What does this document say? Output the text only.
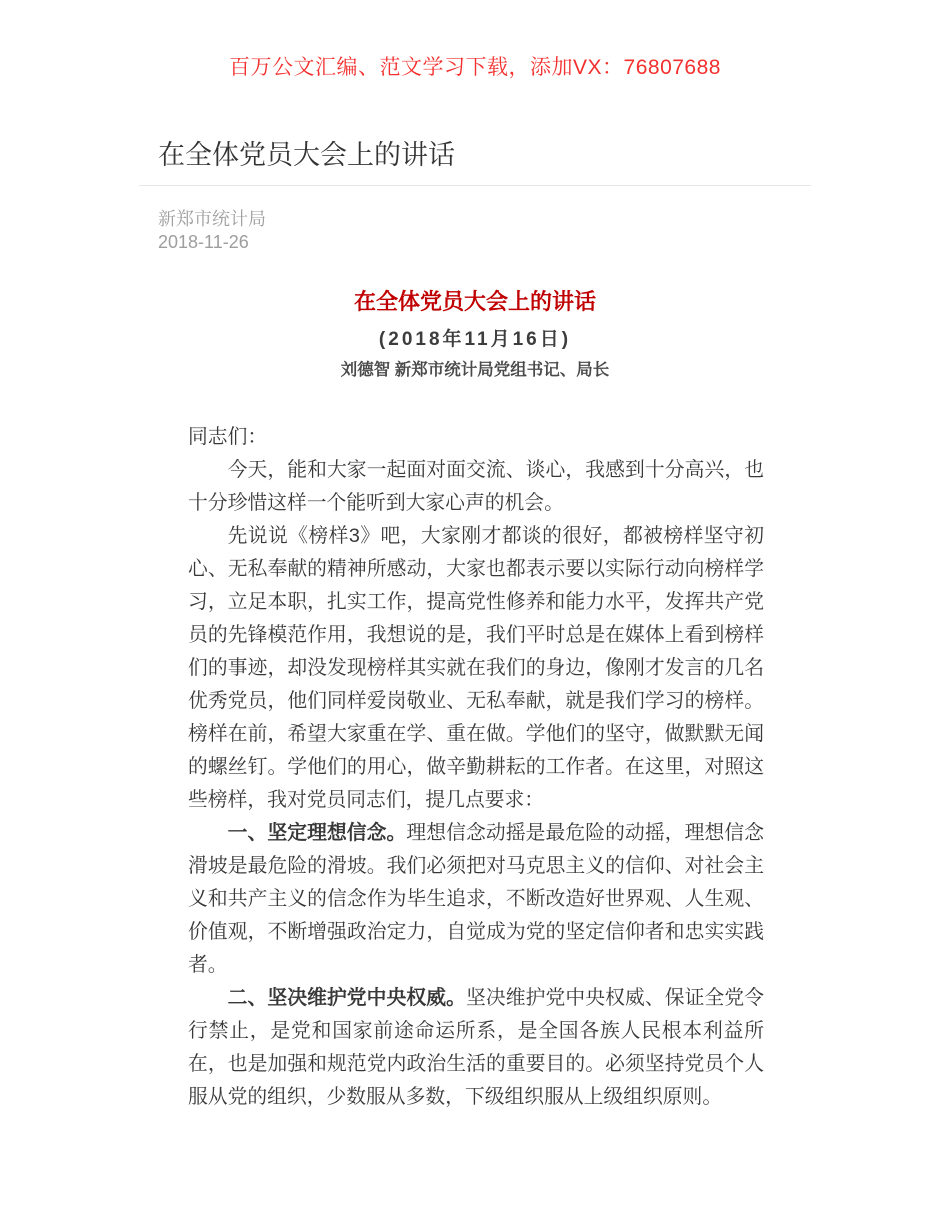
百万公文汇编、范文学习下载，添加VX：76807688
在全体党员大会上的讲话
新郑市统计局
2018-11-26
在全体党员大会上的讲话
(2018年11月16日)
刘德智 新郑市统计局党组书记、局长

同志们：

今天，能和大家一起面对面交流、谈心，我感到十分高兴，也十分珍惜这样一个能听到大家心声的机会。

先说说《榜样3》吧，大家刚才都谈的很好，都被榜样坚守初心、无私奉献的精神所感动，大家也都表示要以实际行动向榜样学习，立足本职，扎实工作，提高党性修养和能力水平，发挥共产党员的先锋模范作用，我想说的是，我们平时总是在媒体上看到榜样们的事迹，却没发现榜样其实就在我们的身边，像刚才发言的几名优秀党员，他们同样爱岗敬业、无私奉献，就是我们学习的榜样。榜样在前，希望大家重在学、重在做。学他们的坚守，做默默无闻的螺丝钉。学他们的用心，做辛勤耕耘的工作者。在这里，对照这些榜样，我对党员同志们，提几点要求：

一、坚定理想信念。理想信念动摇是最危险的动摇，理想信念滑坡是最危险的滑坡。我们必须把对马克思主义的信仰、对社会主义和共产主义的信念作为毕生追求，不断改造好世界观、人生观、价值观，不断增强政治定力，自觉成为党的坚定信仰者和忠实实践者。

二、坚决维护党中央权威。坚决维护党中央权威、保证全党令行禁止，是党和国家前途命运所系，是全国各族人民根本利益所在，也是加强和规范党内政治生活的重要目的。必须坚持党员个人服从党的组织，少数服从多数，下级组织服从上级组织原则。
